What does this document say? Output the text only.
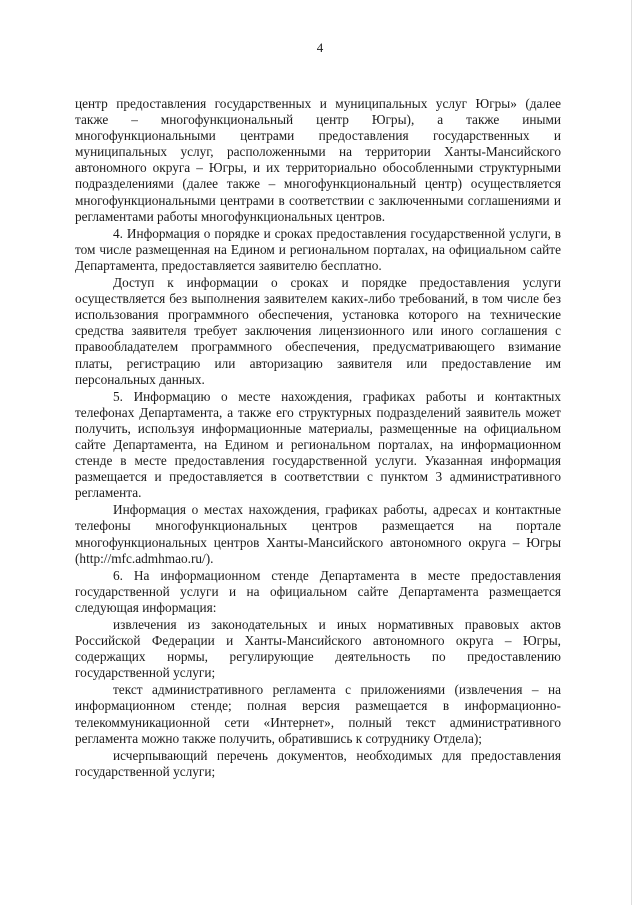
4

центр предоставления государственных и муниципальных услуг Югры» (далее также – многофункциональный центр Югры), а также иными многофункциональными центрами предоставления государственных и муниципальных услуг, расположенными на территории Ханты-Мансийского автономного округа – Югры, и их территориально обособленными структурными подразделениями (далее также – многофункциональный центр) осуществляется многофункциональными центрами в соответствии с заключенными соглашениями и регламентами работы многофункциональных центров.

4. Информация о порядке и сроках предоставления государственной услуги, в том числе размещенная на Едином и региональном порталах, на официальном сайте Департамента, предоставляется заявителю бесплатно.

Доступ к информации о сроках и порядке предоставления услуги осуществляется без выполнения заявителем каких-либо требований, в том числе без использования программного обеспечения, установка которого на технические средства заявителя требует заключения лицензионного или иного соглашения с правообладателем программного обеспечения, предусматривающего взимание платы, регистрацию или авторизацию заявителя или предоставление им персональных данных.

5. Информацию о месте нахождения, графиках работы и контактных телефонах Департамента, а также его структурных подразделений заявитель может получить, используя информационные материалы, размещенные на официальном сайте Департамента, на Едином и региональном порталах, на информационном стенде в месте предоставления государственной услуги. Указанная информация размещается и предоставляется в соответствии с пунктом 3 административного регламента.

Информация о местах нахождения, графиках работы, адресах и контактные телефоны многофункциональных центров размещается на портале многофункциональных центров Ханты-Мансийского автономного округа – Югры (http://mfc.admhmao.ru/).

6. На информационном стенде Департамента в месте предоставления государственной услуги и на официальном сайте Департамента размещается следующая информация:

извлечения из законодательных и иных нормативных правовых актов Российской Федерации и Ханты-Мансийского автономного округа – Югры, содержащих нормы, регулирующие деятельность по предоставлению государственной услуги;

текст административного регламента с приложениями (извлечения – на информационном стенде; полная версия размещается в информационно-телекоммуникационной сети «Интернет», полный текст административного регламента можно также получить, обратившись к сотруднику Отдела);

исчерпывающий перечень документов, необходимых для предоставления государственной услуги;
